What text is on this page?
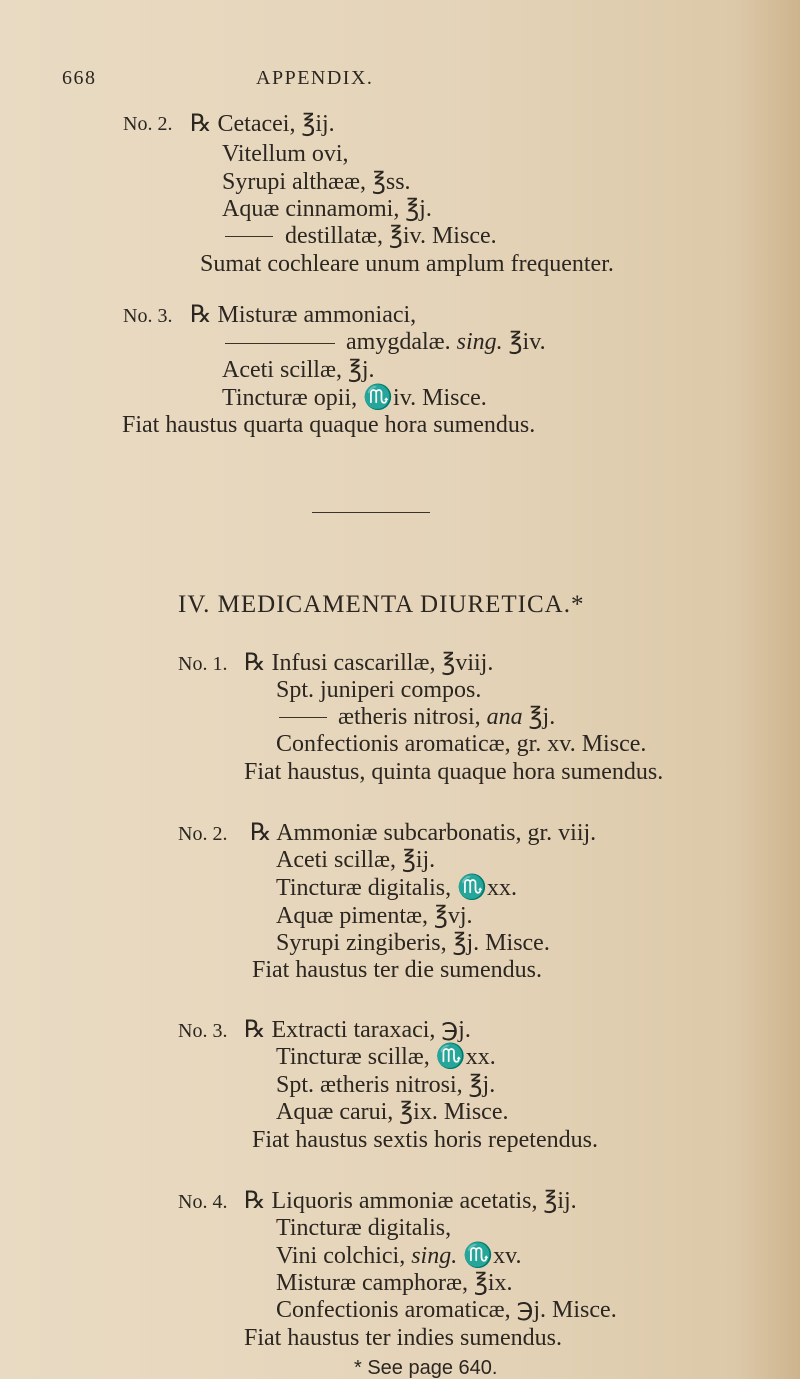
668	APPENDIX.
No. 2. ℞ Cetacei, ℥ij.
Vitellum ovi,
Syrupi althææ, ℥ss.
Aquæ cinnamomi, ℥j.
destillatæ, ℥iv. Misce.
Sumat cochleare unum amplum frequenter.
No. 3. ℞ Misturæ ammoniaci,
amygdalæ. sing. ℥iv.
Aceti scillæ, ℥j.
Tincturæ opii, ♏iv. Misce.
Fiat haustus quarta quaque hora sumendus.
IV. MEDICAMENTA DIURETICA.*
No. 1. ℞ Infusi cascarillæ, ℥viij.
Spt. juniperi compos.
ætheris nitrosi, ana ℥j.
Confectionis aromaticæ, gr. xv. Misce.
Fiat haustus, quinta quaque hora sumendus.
No. 2. ℞ Ammoniæ subcarbonatis, gr. viij.
Aceti scillæ, ℥ij.
Tincturæ digitalis, ♏xx.
Aquæ pimentæ, ℥vj.
Syrupi zingiberis, ℥j. Misce.
Fiat haustus ter die sumendus.
No. 3. ℞ Extracti taraxaci, ℈j.
Tincturæ scillæ, ♏xx.
Spt. ætheris nitrosi, ℥j.
Aquæ carui, ℥ix. Misce.
Fiat haustus sextis horis repetendus.
No. 4. ℞ Liquoris ammoniæ acetatis, ℥ij.
Tincturæ digitalis,
Vini colchici, sing. ♏xv.
Misturæ camphoræ, ℥ix.
Confectionis aromaticæ, ℈j. Misce.
Fiat haustus ter indies sumendus.
* See page 640.
